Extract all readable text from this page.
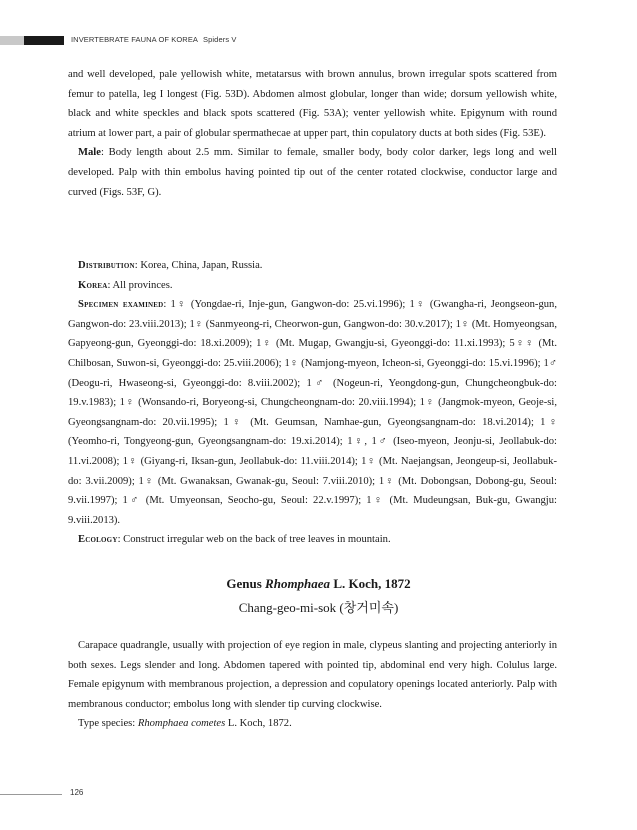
INVERTEBRATE FAUNA OF KOREA Spiders V

and well developed, pale yellowish white, metatarsus with brown annulus, brown irregular spots scattered from femur to patella, leg I longest (Fig. 53D). Abdomen almost globular, longer than wide; dorsum yellowish white, black and white speckles and black spots scattered (Fig. 53A); venter yellowish white. Epigynum with round atrium at lower part, a pair of globular spermathecae at upper part, thin copulatory ducts at both sides (Fig. 53E).

Male: Body length about 2.5 mm. Similar to female, smaller body, body color darker, legs long and well developed. Palp with thin embolus having pointed tip out of the center rotated clockwise, conductor large and curved (Figs. 53F, G).

Distribution: Korea, China, Japan, Russia.

Korea: All provinces.

Specimen examined: 1♀ (Yongdae-ri, Inje-gun, Gangwon-do: 25.vi.1996); 1♀ (Gwangha-ri, Jeongseon-gun, Gangwon-do: 23.viii.2013); 1♀ (Sanmyeong-ri, Cheorwon-gun, Gangwon-do: 30.v.2017); 1♀ (Mt. Homyeongsan, Gapyeong-gun, Gyeonggi-do: 18.xi.2009); 1♀ (Mt. Mugap, Gwangju-si, Gyeonggi-do: 11.xi.1993); 5♀♀ (Mt. Chilbosan, Suwon-si, Gyeonggi-do: 25.viii.2006); 1♀ (Namjong-myeon, Icheon-si, Gyeonggi-do: 15.vi.1996); 1♂ (Deogu-ri, Hwaseong-si, Gyeonggi-do: 8.viii.2002); 1♂ (Nogeun-ri, Yeongdong-gun, Chungcheongbuk-do: 19.v.1983); 1♀ (Wonsando-ri, Boryeong-si, Chungcheongnam-do: 20.viii.1994); 1♀ (Jangmok-myeon, Geoje-si, Gyeongsangnam-do: 20.vii.1995); 1♀ (Mt. Geumsan, Namhae-gun, Gyeongsangnam-do: 18.vi.2014); 1♀ (Yeomho-ri, Tongyeong-gun, Gyeongsangnam-do: 19.xi.2014); 1♀, 1♂ (Iseo-myeon, Jeonju-si, Jeollabuk-do: 11.vi.2008); 1♀ (Giyang-ri, Iksan-gun, Jeollabuk-do: 11.viii.2014); 1♀ (Mt. Naejangsan, Jeongeup-si, Jeollabuk-do: 3.vii.2009); 1♀ (Mt. Gwanaksan, Gwanak-gu, Seoul: 7.viii.2010); 1♀ (Mt. Dobongsan, Dobong-gu, Seoul: 9.vii.1997); 1♂ (Mt. Umyeonsan, Seocho-gu, Seoul: 22.v.1997); 1♀ (Mt. Mudeungsan, Buk-gu, Gwangju: 9.viii.2013).

Ecology: Construct irregular web on the back of tree leaves in mountain.

Genus Rhomphaea L. Koch, 1872
Chang-geo-mi-sok (창거미속)

Carapace quadrangle, usually with projection of eye region in male, clypeus slanting and projecting anteriorly in both sexes. Legs slender and long. Abdomen tapered with pointed tip, abdominal end very high. Colulus large. Female epigynum with membranous projection, a depression and copulatory openings located anteriorly. Palp with membranous conductor; embolus long with slender tip curving clockwise.

Type species: Rhomphaea cometes L. Koch, 1872.

126
